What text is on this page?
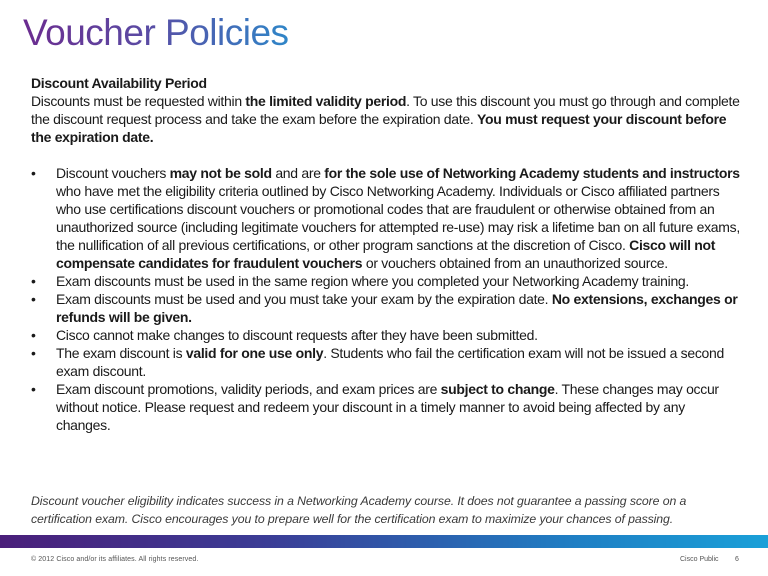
Voucher Policies

Discount Availability Period

Discounts must be requested within the limited validity period. To use this discount you must go through and complete the discount request process and take the exam before the expiration date. You must request your discount before the expiration date.

•	Discount vouchers may not be sold and are for the sole use of Networking Academy students and instructors who have met the eligibility criteria outlined by Cisco Networking Academy. Individuals or Cisco affiliated partners who use certifications discount vouchers or promotional codes that are fraudulent or otherwise obtained from an unauthorized source (including legitimate vouchers for attempted re-use) may risk a lifetime ban on all future exams, the nullification of all previous certifications, or other program sanctions at the discretion of Cisco. Cisco will not compensate candidates for fraudulent vouchers or vouchers obtained from an unauthorized source.
•	Exam discounts must be used in the same region where you completed your Networking Academy training.
•	Exam discounts must be used and you must take your exam by the expiration date. No extensions, exchanges or refunds will be given.
•	Cisco cannot make changes to discount requests after they have been submitted.
•	The exam discount is valid for one use only. Students who fail the certification exam will not be issued a second exam discount.
•	Exam discount promotions, validity periods, and exam prices are subject to change. These changes may occur without notice. Please request and redeem your discount in a timely manner to avoid being affected by any changes.

Discount voucher eligibility indicates success in a Networking Academy course. It does not guarantee a passing score on a certification exam. Cisco encourages you to prepare well for the certification exam to maximize your chances of passing.

© 2012 Cisco and/or its affiliates. All rights reserved.	Cisco Public 6
